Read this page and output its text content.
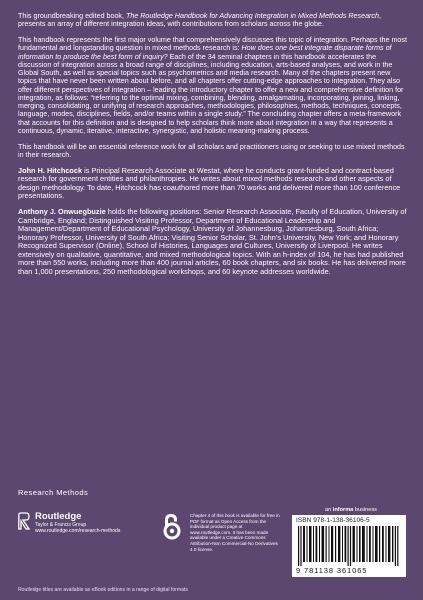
This groundbreaking edited book, The Routledge Handbook for Advancing Integration in Mixed Methods Research, presents an array of different integration ideas, with contributions from scholars across the globe.

This handbook represents the first major volume that comprehensively discusses this topic of integration. Perhaps the most fundamental and longstanding question in mixed methods research is: How does one best integrate disparate forms of information to produce the best form of inquiry? Each of the 34 seminal chapters in this handbook accelerates the discussion of integration across a broad range of disciplines, including education, arts-based analyses, and work in the Global South, as well as special topics such as psychometrics and media research. Many of the chapters present new topics that have never been written about before, and all chapters offer cutting-edge approaches to integration. They also offer different perspectives of integration – leading the introductory chapter to offer a new and comprehensive definition for integration, as follows: “referring to the optimal mixing, combining, blending, amalgamating, incorporating, joining, linking, merging, consolidating, or unifying of research approaches, methodologies, philosophies, methods, techniques, concepts, language, modes, disciplines, fields, and/or teams within a single study.” The concluding chapter offers a meta-framework that accounts for this definition and is designed to help scholars think more about integration in a way that represents a continuous, dynamic, iterative, interactive, synergistic, and holistic meaning-making process.

This handbook will be an essential reference work for all scholars and practitioners using or seeking to use mixed methods in their research.

John H. Hitchcock is Principal Research Associate at Westat, where he conducts grant-funded and contract-based research for government entities and philanthropies. He writes about mixed methods research and other aspects of design methodology. To date, Hitchcock has coauthored more than 70 works and delivered more than 100 conference presentations.

Anthony J. Onwuegbuzie holds the following positions: Senior Research Associate, Faculty of Education, University of Cambridge, England; Distinguished Visiting Professor, Department of Educational Leadership and Management/Department of Educational Psychology, University of Johannesburg, Johannesburg, South Africa; Honorary Professor, University of South Africa; Visiting Senior Scholar, St. John’s University, New York; and Honorary Recognized Supervisor (Online), School of Histories, Languages and Cultures, University of Liverpool. He writes extensively on qualitative, quantitative, and mixed methodological topics. With an h-index of 104, he has had published more than 550 works, including more than 400 journal articles, 60 book chapters, and six books. He has delivered more than 1,000 presentations, 250 methodological workshops, and 60 keynote addresses worldwide.

Research Methods
Routledge
Taylor & Francis Group
www.routledge.com/research-methods
Chapter 4 of this book is available for free in PDF format as Open Access from the individual product page at www.routledge.com. It has been made available under a Creative Commons Attribution-Non Commercial-No Derivatives 4.0 license.
an informa business
ISBN 978-1-138-36106-5
9 781138 361065
Routledge titles are available as eBook editions in a range of digital formats
